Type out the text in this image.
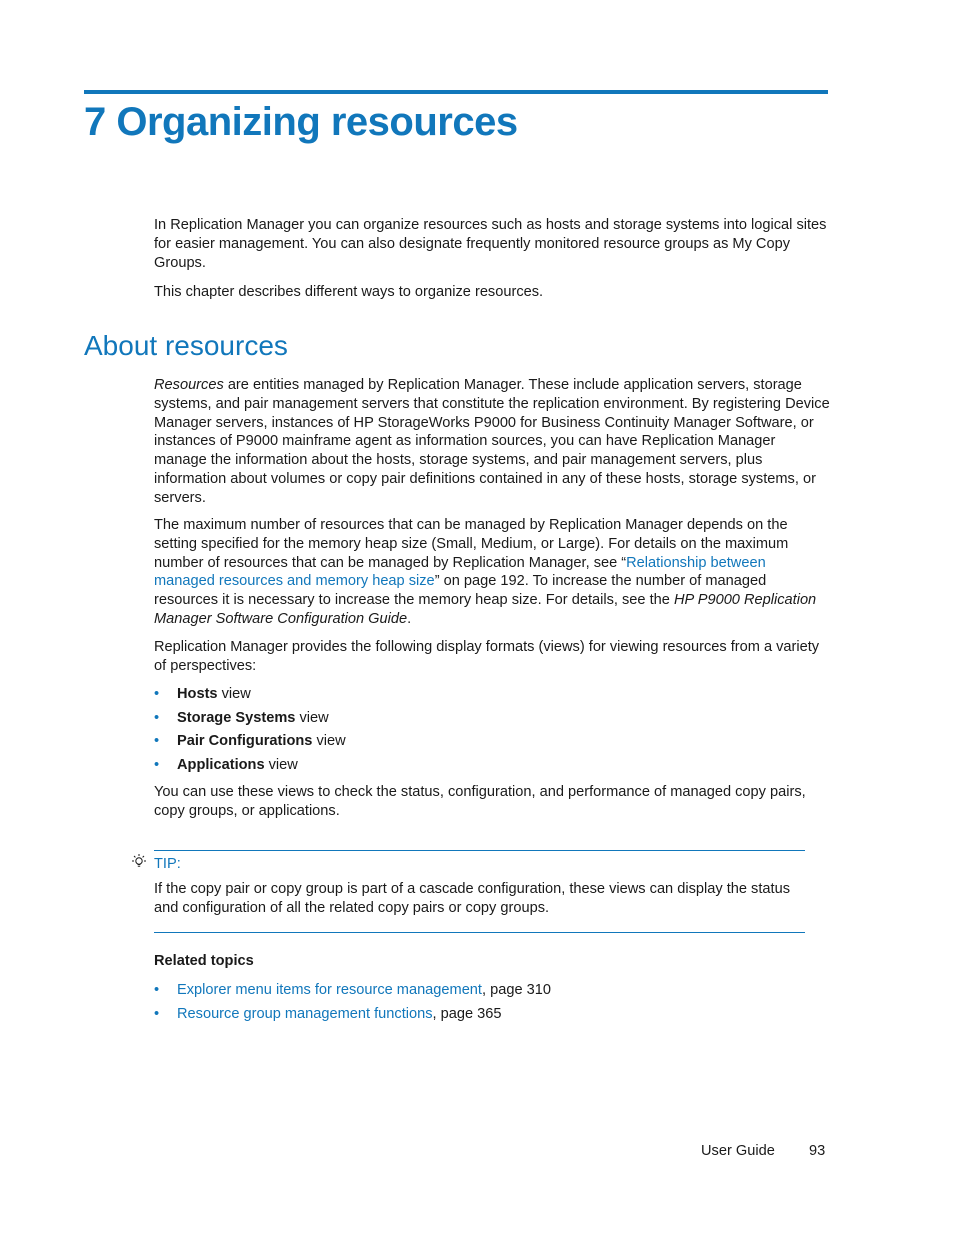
7 Organizing resources

In Replication Manager you can organize resources such as hosts and storage systems into logical sites for easier management. You can also designate frequently monitored resource groups as My Copy Groups.

This chapter describes different ways to organize resources.

About resources

Resources are entities managed by Replication Manager. These include application servers, storage systems, and pair management servers that constitute the replication environment. By registering Device Manager servers, instances of HP StorageWorks P9000 for Business Continuity Manager Software, or instances of P9000 mainframe agent as information sources, you can have Replication Manager manage the information about the hosts, storage systems, and pair management servers, plus information about volumes or copy pair definitions contained in any of these hosts, storage systems, or servers.

The maximum number of resources that can be managed by Replication Manager depends on the setting specified for the memory heap size (Small, Medium, or Large). For details on the maximum number of resources that can be managed by Replication Manager, see “Relationship between managed resources and memory heap size” on page 192. To increase the number of managed resources it is necessary to increase the memory heap size. For details, see the HP P9000 Replication Manager Software Configuration Guide.

Replication Manager provides the following display formats (views) for viewing resources from a variety of perspectives:

• Hosts view
• Storage Systems view
• Pair Configurations view
• Applications view

You can use these views to check the status, configuration, and performance of managed copy pairs, copy groups, or applications.

TIP:

If the copy pair or copy group is part of a cascade configuration, these views can display the status and configuration of all the related copy pairs or copy groups.

Related topics
• Explorer menu items for resource management, page 310
• Resource group management functions, page 365
User Guide 93
